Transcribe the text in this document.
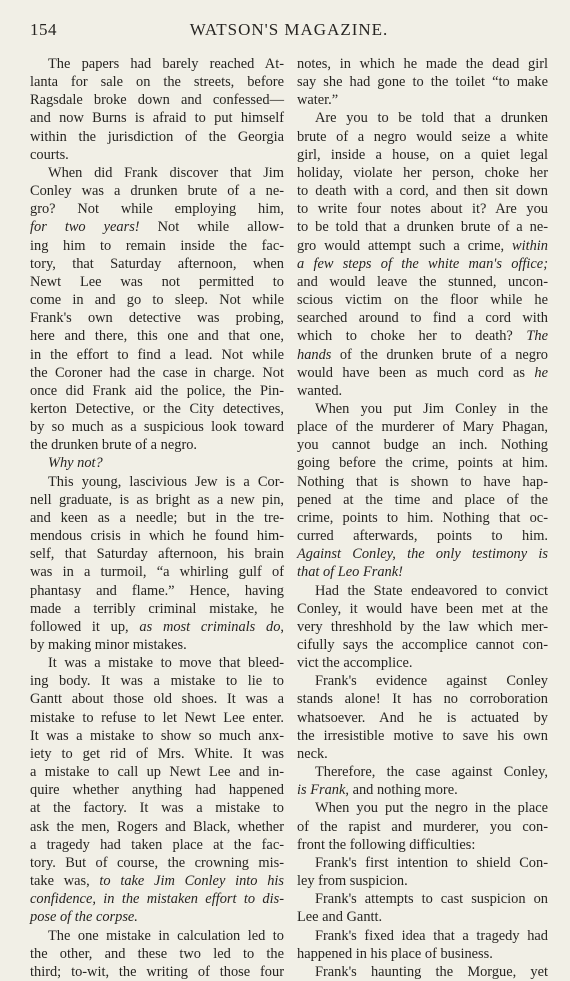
154	WATSON'S MAGAZINE.
The papers had barely reached At-
lanta for sale on the streets, before
Ragsdale broke down and confessed—
and now Burns is afraid to put himself
within the jurisdiction of the Georgia
courts.
When did Frank discover that Jim
Conley was a drunken brute of a ne-
gro? Not while employing him,
for two years! Not while allow-
ing him to remain inside the fac-
tory, that Saturday afternoon, when
Newt Lee was not permitted to
come in and go to sleep. Not while
Frank's own detective was probing,
here and there, this one and that one,
in the effort to find a lead. Not while
the Coroner had the case in charge. Not
once did Frank aid the police, the Pin-
kerton Detective, or the City detectives,
by so much as a suspicious look toward
the drunken brute of a negro.
Why not?
This young, lascivious Jew is a Cor-
nell graduate, is as bright as a new pin,
and keen as a needle; but in the tre-
mendous crisis in which he found him-
self, that Saturday afternoon, his brain
was in a turmoil, “a whirling gulf of
phantasy and flame.” Hence, having
made a terribly criminal mistake, he
followed it up, as most criminals do,
by making minor mistakes.
It was a mistake to move that bleed-
ing body. It was a mistake to lie to
Gantt about those old shoes. It was a
mistake to refuse to let Newt Lee enter.
It was a mistake to show so much anx-
iety to get rid of Mrs. White. It was
a mistake to call up Newt Lee and in-
quire whether anything had happened
at the factory. It was a mistake to
ask the men, Rogers and Black, whether
a tragedy had taken place at the fac-
tory. But of course, the crowning mis-
take was, to take Jim Conley into his
confidence, in the mistaken effort to dis-
pose of the corpse.
The one mistake in calculation led to
the other, and these two led to the
third; to-wit, the writing of those four
notes, in which he made the dead girl
say she had gone to the toilet “to make
water.”
Are you to be told that a drunken
brute of a negro would seize a white
girl, inside a house, on a quiet legal
holiday, violate her person, choke her
to death with a cord, and then sit down
to write four notes about it? Are you
to be told that a drunken brute of a ne-
gro would attempt such a crime, within
a few steps of the white man's office;
and would leave the stunned, uncon-
scious victim on the floor while he
searched around to find a cord with
which to choke her to death? The
hands of the drunken brute of a negro
would have been as much cord as he
wanted.
When you put Jim Conley in the
place of the murderer of Mary Phagan,
you cannot budge an inch. Nothing
going before the crime, points at him.
Nothing that is shown to have hap-
pened at the time and place of the
crime, points to him. Nothing that oc-
curred afterwards, points to him.
Against Conley, the only testimony is
that of Leo Frank!
Had the State endeavored to convict
Conley, it would have been met at the
very threshhold by the law which mer-
cifully says the accomplice cannot con-
vict the accomplice.
Frank's evidence against Conley
stands alone! It has no corroboration
whatsoever. And he is actuated by
the irresistible motive to save his own
neck.
Therefore, the case against Conley,
is Frank, and nothing more.
When you put the negro in the place
of the rapist and murderer, you con-
front the following difficulties:
Frank's first intention to shield Con-
ley from suspicion.
Frank's attempts to cast suspicion on
Lee and Gantt.
Frank's fixed idea that a tragedy had
happened in his place of business.
Frank's haunting the Morgue, yet
